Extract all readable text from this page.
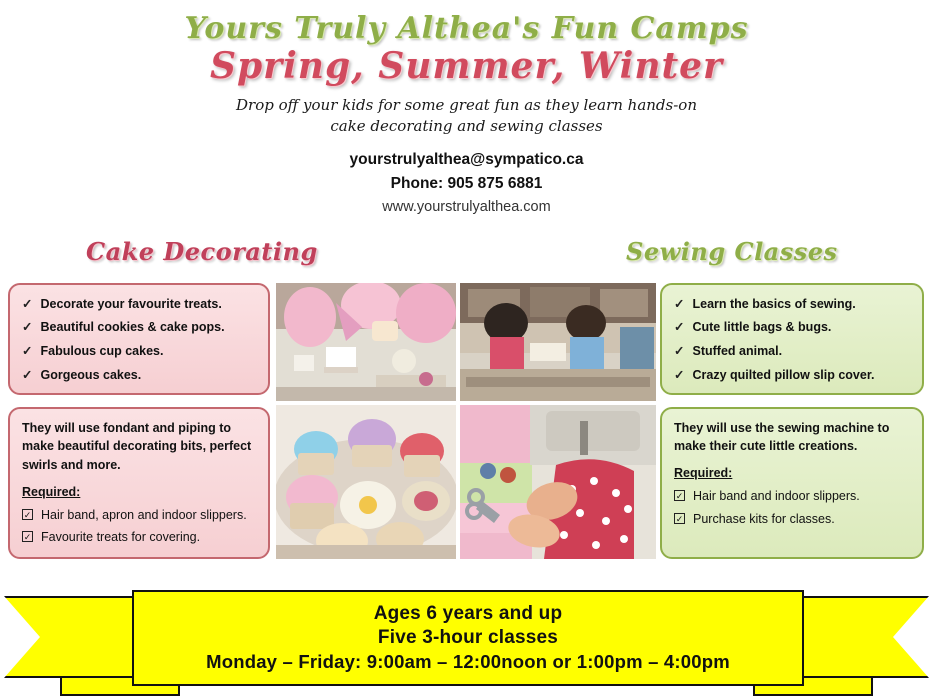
Yours Truly Althea's Fun Camps
Spring, Summer, Winter
Drop off your kids for some great fun as they learn hands-on
cake decorating and sewing classes
yourstrulyalthea@sympatico.ca
Phone: 905 875 6881
www.yourstrulyalthea.com
Cake Decorating	Sewing Classes
✓ Decorate your favourite treats.
✓ Beautiful cookies & cake pops.
✓ Fabulous cup cakes.
✓ Gorgeous cakes.

They will use fondant and piping to make beautiful decorating bits, perfect swirls and more.

Required:
✓ Hair band, apron and indoor slippers.
✓ Favourite treats for covering.
✓ Learn the basics of sewing.
✓ Cute little bags & bugs.
✓ Stuffed animal.
✓ Crazy quilted pillow slip cover.

They will use the sewing machine to make their cute little creations.

Required:
✓ Hair band and indoor slippers.
✓ Purchase kits for classes.
Ages 6 years and up
Five 3-hour classes
Monday – Friday: 9:00am – 12:00noon or 1:00pm – 4:00pm
